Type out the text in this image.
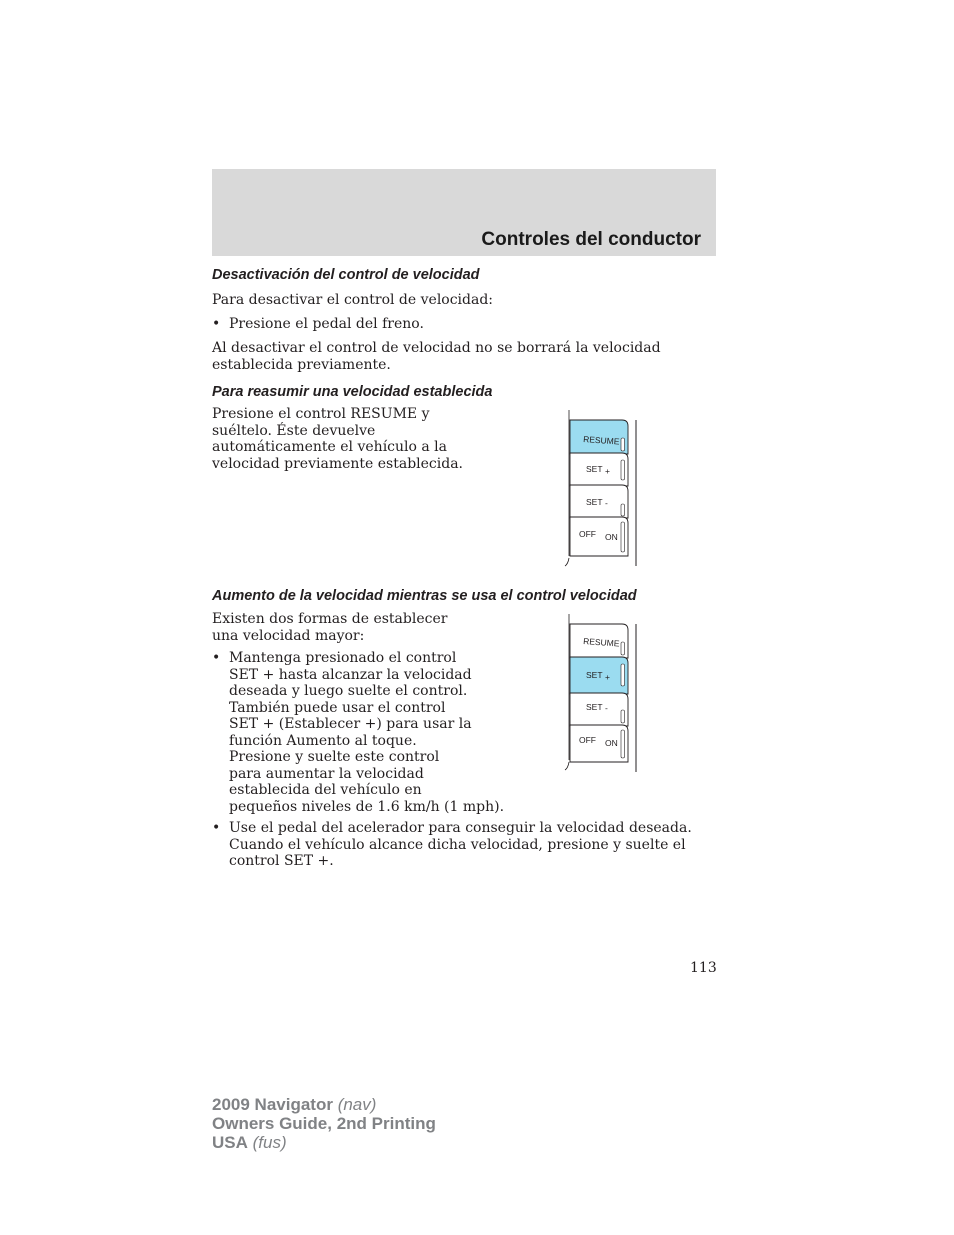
Controles del conductor
Desactivación del control de velocidad
Para desactivar el control de velocidad:
• Presione el pedal del freno.
Al desactivar el control de velocidad no se borrará la velocidad
establecida previamente.
Para reasumir una velocidad establecida
Presione el control RESUME y
suéltelo. Éste devuelve
automáticamente el vehículo a la
velocidad previamente establecida.
RESUME
SET +
SET -
OFF ON
Aumento de la velocidad mientras se usa el control velocidad
Existen dos formas de establecer
una velocidad mayor:
• Mantenga presionado el control
SET + hasta alcanzar la velocidad
deseada y luego suelte el control.
También puede usar el control
SET + (Establecer +) para usar la
función Aumento al toque.
Presione y suelte este control
para aumentar la velocidad
establecida del vehículo en
pequeños niveles de 1.6 km/h (1 mph).
• Use el pedal del acelerador para conseguir la velocidad deseada.
Cuando el vehículo alcance dicha velocidad, presione y suelte el
control SET +.
RESUME
SET +
SET -
OFF ON
113
2009 Navigator (nav)
Owners Guide, 2nd Printing
USA (fus)
